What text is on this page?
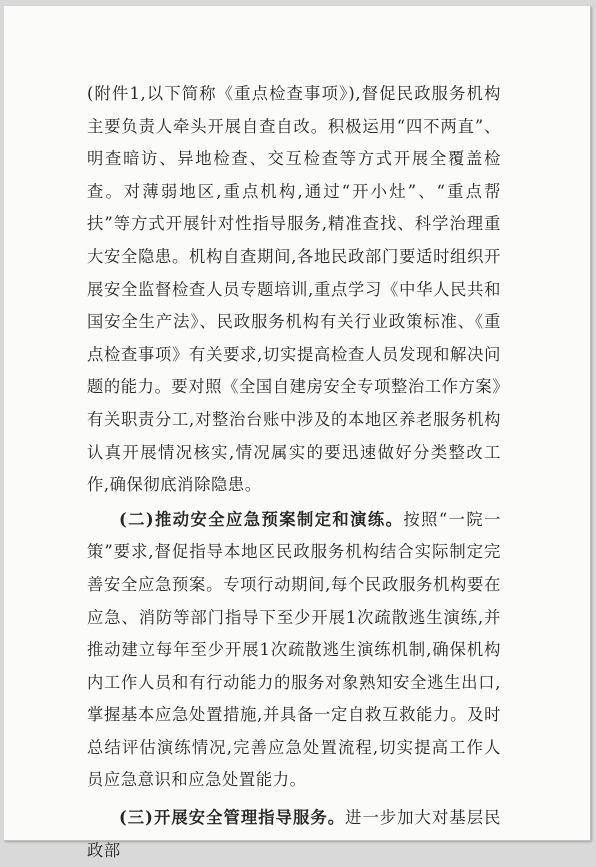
(附件1,以下简称《重点检查事项》),督促民政服务机构主要负责人牵头开展自查自改。积极运用“四不两直”、明查暗访、异地检查、交互检查等方式开展全覆盖检查。对薄弱地区,重点机构,通过“开小灶”、“重点帮扶”等方式开展针对性指导服务,精准查找、科学治理重大安全隐患。机构自查期间,各地民政部门要适时组织开展安全监督检查人员专题培训,重点学习《中华人民共和国安全生产法》、民政服务机构有关行业政策标准、《重点检查事项》有关要求,切实提高检查人员发现和解决问题的能力。要对照《全国自建房安全专项整治工作方案》有关职责分工,对整治台账中涉及的本地区养老服务机构认真开展情况核实,情况属实的要迅速做好分类整改工作,确保彻底消除隐患。

(二)推动安全应急预案制定和演练。按照“一院一策”要求,督促指导本地区民政服务机构结合实际制定完善安全应急预案。专项行动期间,每个民政服务机构要在应急、消防等部门指导下至少开展1次疏散逃生演练,并推动建立每年至少开展1次疏散逃生演练机制,确保机构内工作人员和有行动能力的服务对象熟知安全逃生出口,掌握基本应急处置措施,并具备一定自救互救能力。及时总结评估演练情况,完善应急处置流程,切实提高工作人员应急意识和应急处置能力。

(三)开展安全管理指导服务。进一步加大对基层民政部
